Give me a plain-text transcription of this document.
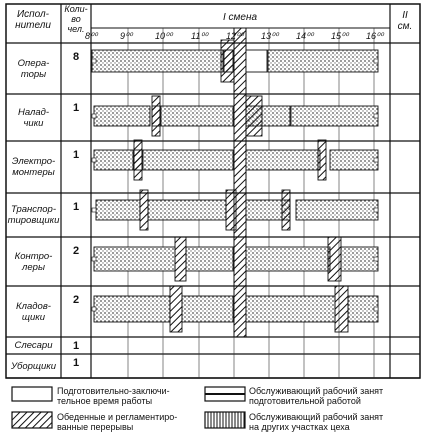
Испол-
нители
Коли-
во
чел.
I смена	II
см.
8⁰⁰	9⁰⁰	10⁰⁰ 11⁰⁰ 12⁰⁰ 13⁰⁰ 14⁰⁰ 15⁰⁰ 16⁰⁰
Опера-
торы
8
Налад-
чики
1
Электро-
монтеры
1
Транспор-
тировщики
1
Контро-
леры
2
Кладов-
щики
2
Слесари	1
Уборщики	1
Подготовительно-заключи-
тельное время работы
Обслуживающий рабочий занят
подготовительной работой
Обеденные и регламентиро-
ванные перерывы
Обслуживающий рабочий занят
на других участках цеха
